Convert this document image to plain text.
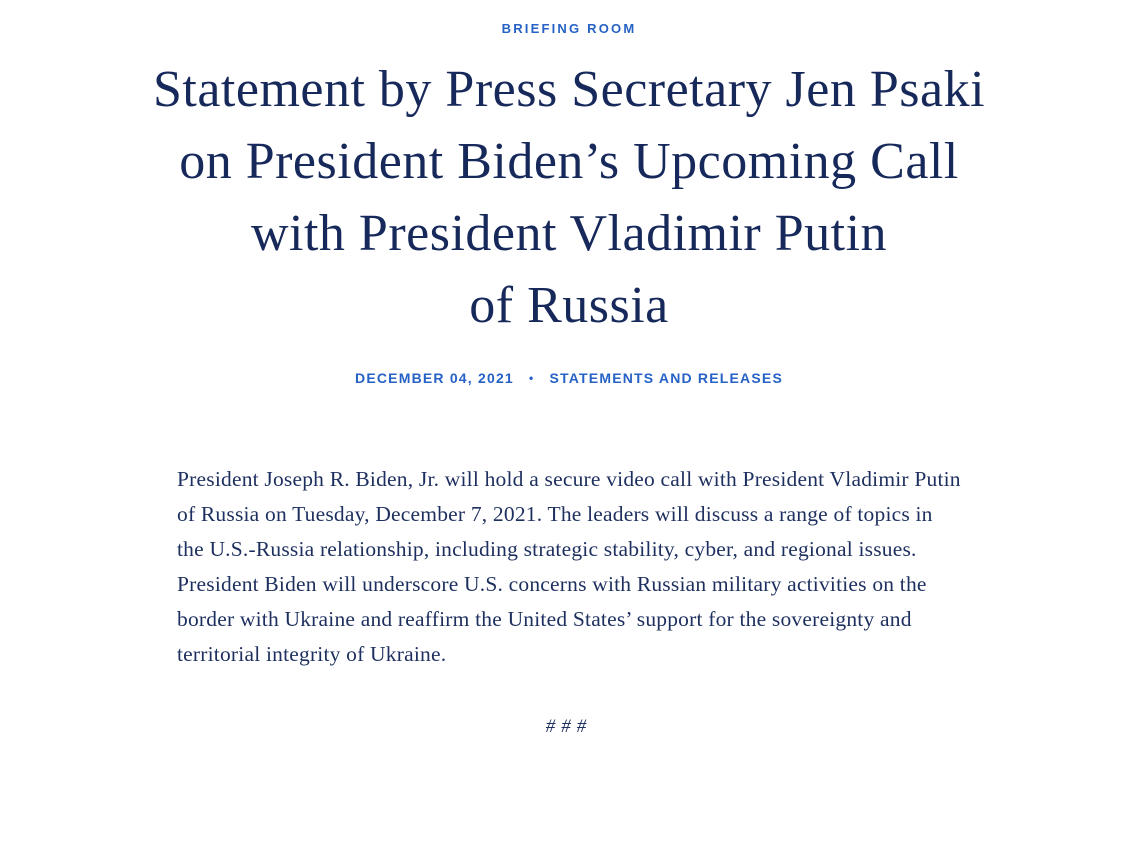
BRIEFING ROOM
Statement by Press Secretary Jen Psaki
on President Biden’s Upcoming Call
with President Vladimir Putin
of Russia
DECEMBER 04, 2021 • STATEMENTS AND RELEASES

President Joseph R. Biden, Jr. will hold a secure video call with President Vladimir Putin of Russia on Tuesday, December 7, 2021. The leaders will discuss a range of topics in the U.S.-Russia relationship, including strategic stability, cyber, and regional issues. President Biden will underscore U.S. concerns with Russian military activities on the border with Ukraine and reaffirm the United States’ support for the sovereignty and territorial integrity of Ukraine.

###
